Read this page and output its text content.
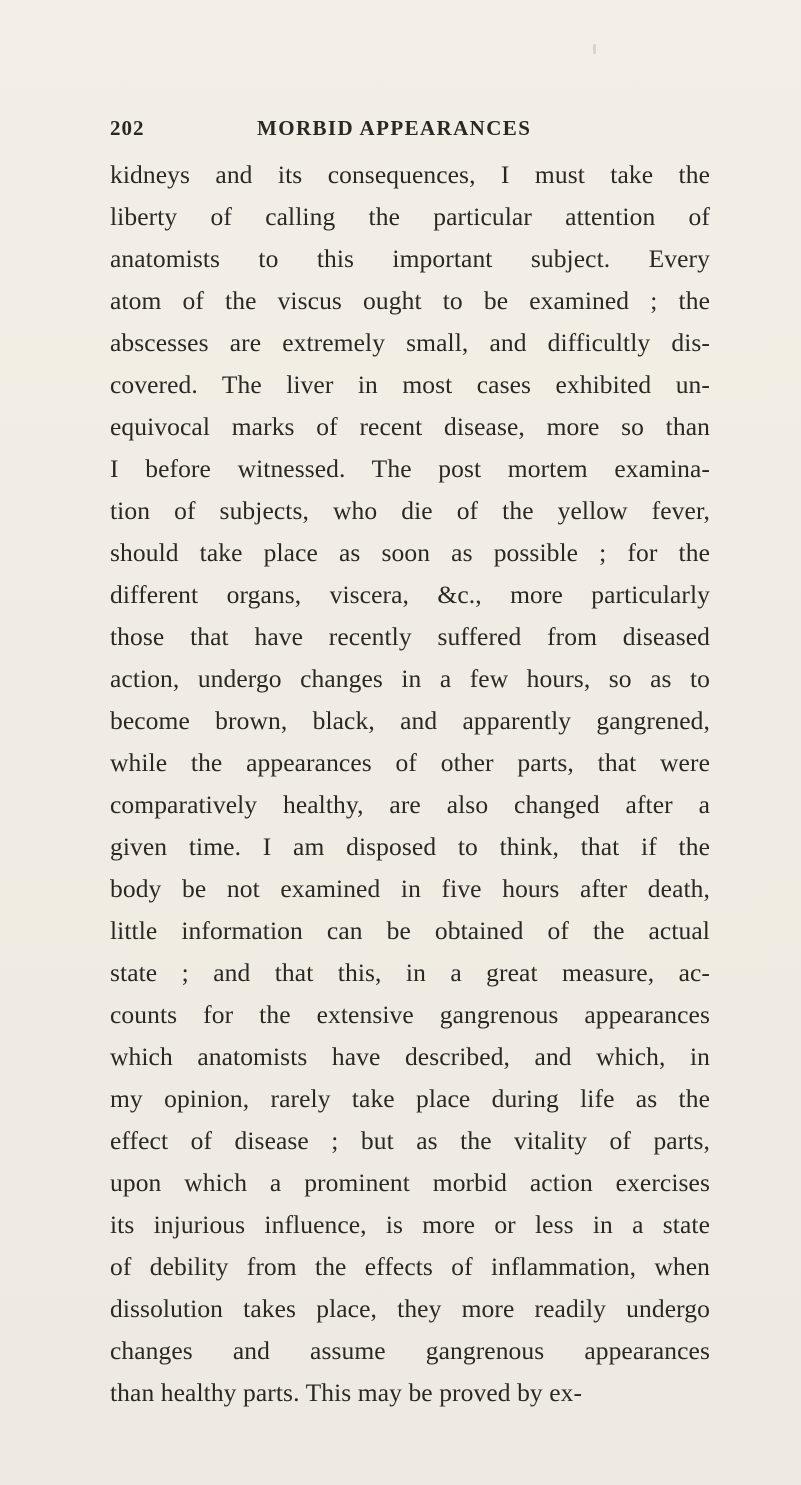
202	MORBID APPEARANCES
kidneys and its consequences, I must take the
liberty of calling the particular attention of
anatomists to this important subject. Every
atom of the viscus ought to be examined ; the
abscesses are extremely small, and difficultly dis-
covered. The liver in most cases exhibited un-
equivocal marks of recent disease, more so than
I before witnessed. The post mortem examina-
tion of subjects, who die of the yellow fever,
should take place as soon as possible ; for the
different organs, viscera, &c., more particularly
those that have recently suffered from diseased
action, undergo changes in a few hours, so as to
become brown, black, and apparently gangrened,
while the appearances of other parts, that were
comparatively healthy, are also changed after a
given time. I am disposed to think, that if the
body be not examined in five hours after death,
little information can be obtained of the actual
state ; and that this, in a great measure, ac-
counts for the extensive gangrenous appearances
which anatomists have described, and which, in
my opinion, rarely take place during life as the
effect of disease ; but as the vitality of parts,
upon which a prominent morbid action exercises
its injurious influence, is more or less in a state
of debility from the effects of inflammation, when
dissolution takes place, they more readily undergo
changes and assume gangrenous appearances
than healthy parts. This may be proved by ex-
